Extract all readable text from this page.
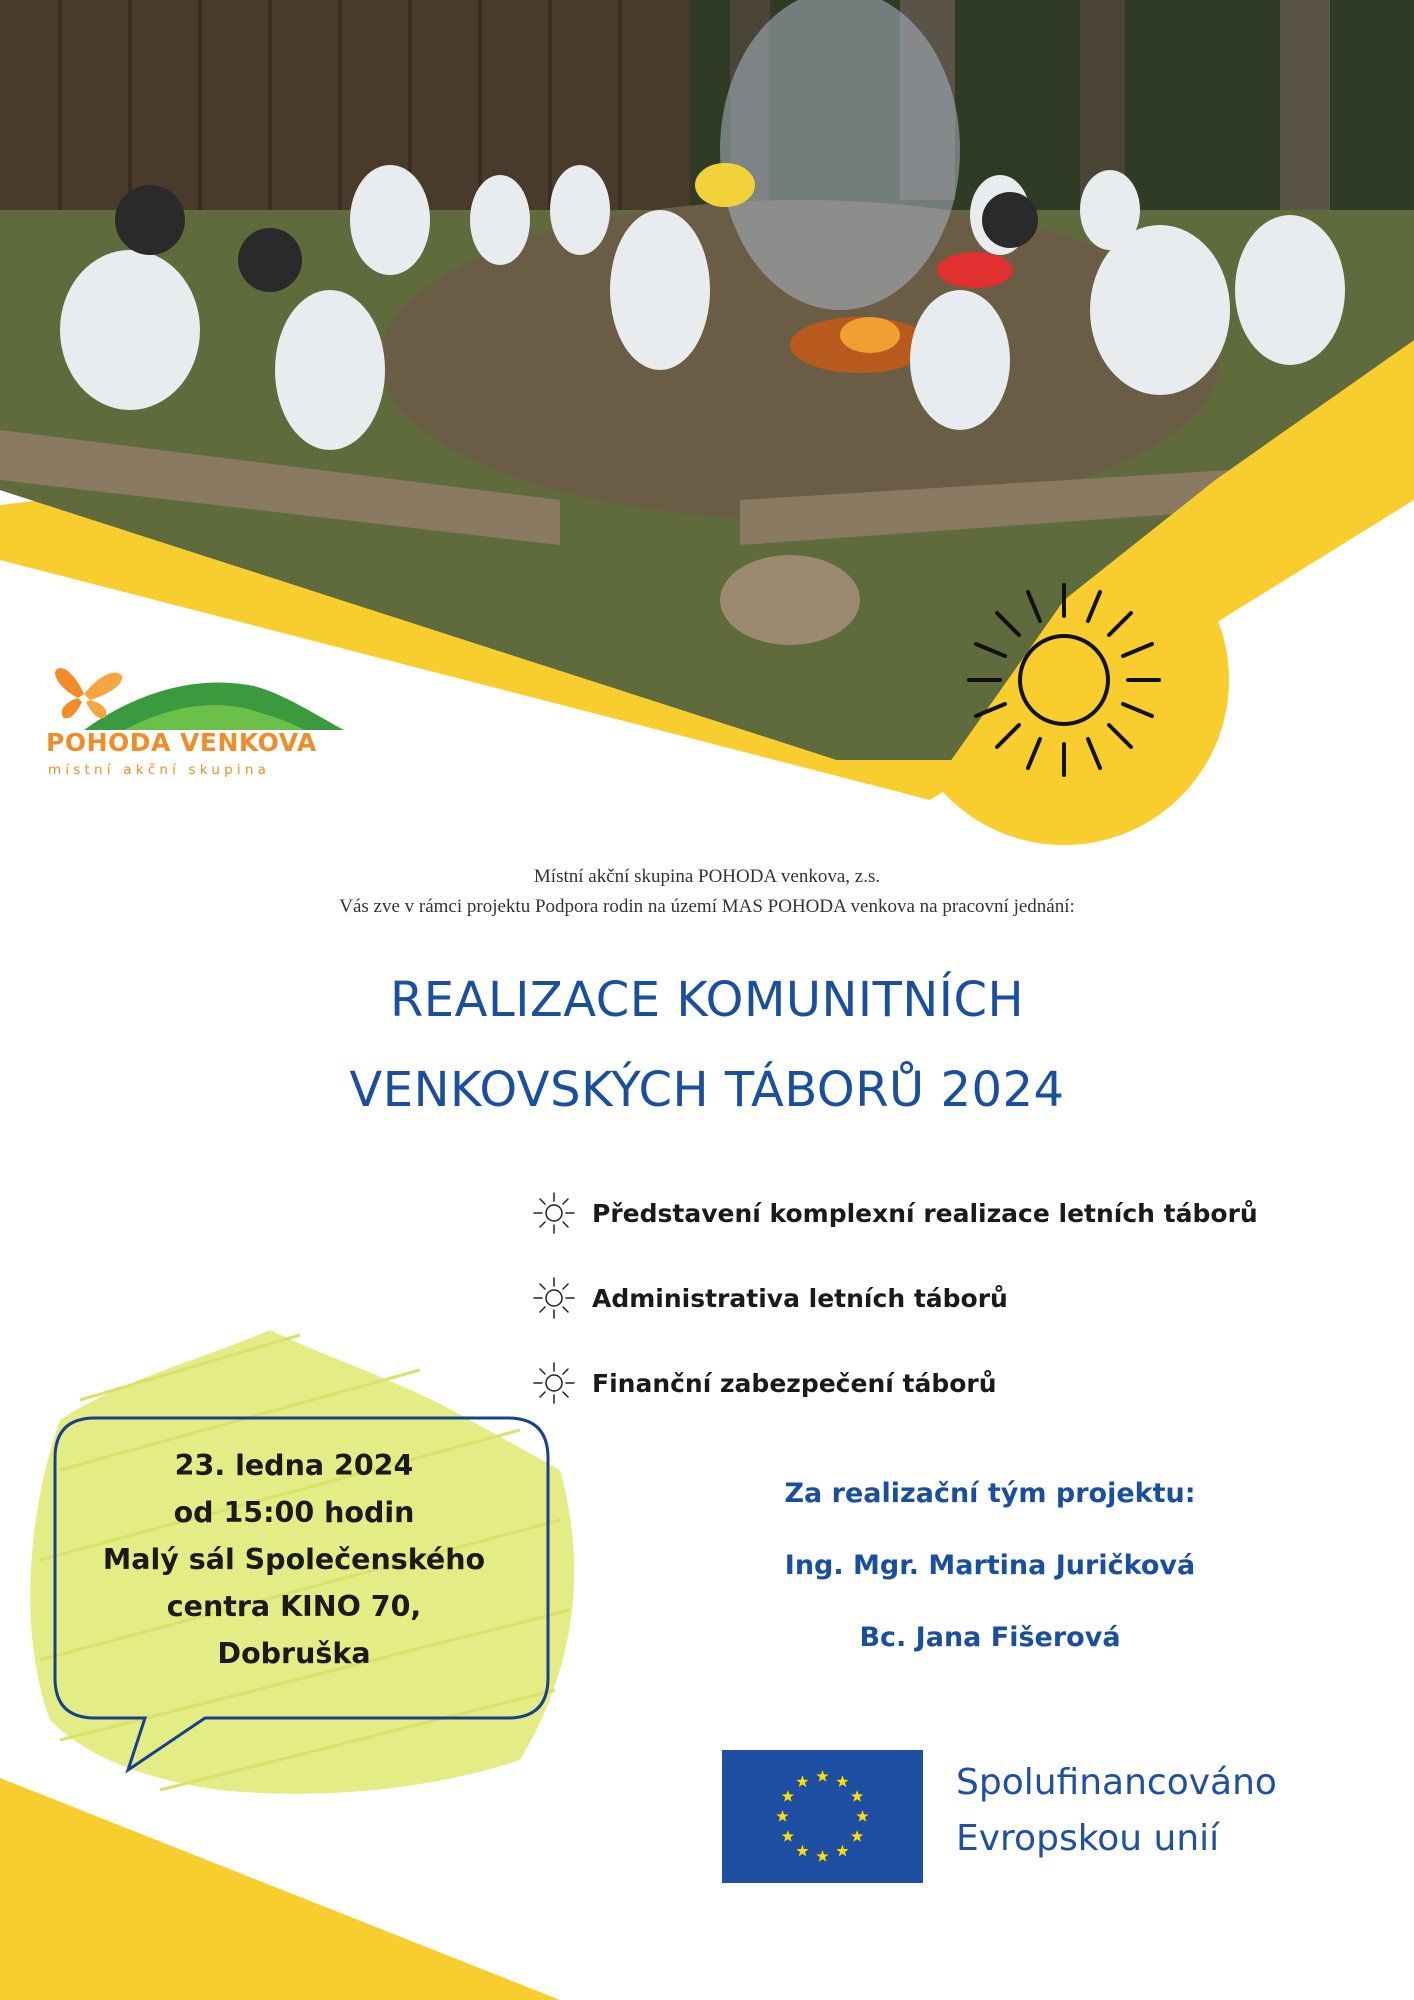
POHODA VENKOVA
místní akční skupina
Místní akční skupina POHODA venkova, z.s.
Vás zve v rámci projektu Podpora rodin na území MAS POHODA venkova na pracovní jednání:
REALIZACE KOMUNITNÍCH
VENKOVSKÝCH TÁBORŮ 2024
Představení komplexní realizace letních táborů
Administrativa letních táborů
Finanční zabezpečení táborů
23. ledna 2024
od 15:00 hodin
Malý sál Společenského
centra KINO 70,
Dobruška
Za realizační tým projektu:
Ing. Mgr. Martina Juričková
Bc. Jana Fišerová
Spolufinancováno
Evropskou unií
